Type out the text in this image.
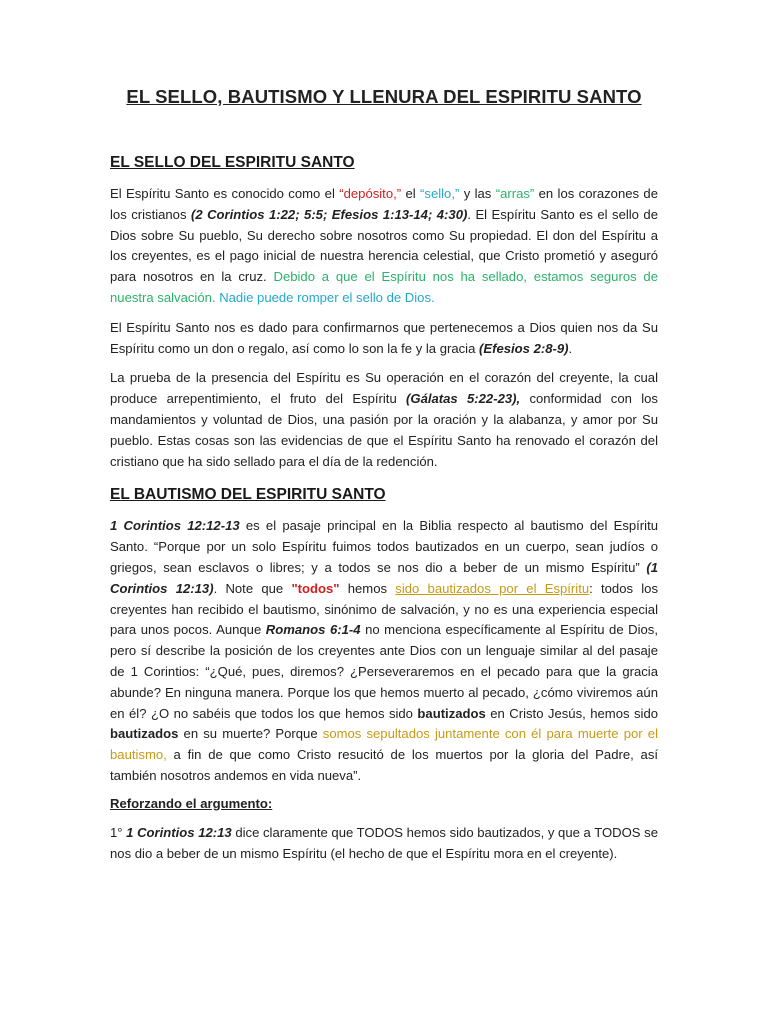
EL SELLO, BAUTISMO Y LLENURA DEL ESPIRITU SANTO
EL SELLO DEL ESPIRITU SANTO

El Espíritu Santo es conocido como el “depósito,” el “sello,” y las “arras” en los corazones de los cristianos (2 Corintios 1:22; 5:5; Efesios 1:13-14; 4:30). El Espíritu Santo es el sello de Dios sobre Su pueblo, Su derecho sobre nosotros como Su propiedad. El don del Espíritu a los creyentes, es el pago inicial de nuestra herencia celestial, que Cristo prometió y aseguró para nosotros en la cruz. Debido a que el Espíritu nos ha sellado, estamos seguros de nuestra salvación. Nadie puede romper el sello de Dios.

El Espíritu Santo nos es dado para confirmarnos que pertenecemos a Dios quien nos da Su Espíritu como un don o regalo, así como lo son la fe y la gracia (Efesios 2:8-9).

La prueba de la presencia del Espíritu es Su operación en el corazón del creyente, la cual produce arrepentimiento, el fruto del Espíritu (Gálatas 5:22-23), conformidad con los mandamientos y voluntad de Dios, una pasión por la oración y la alabanza, y amor por Su pueblo. Estas cosas son las evidencias de que el Espíritu Santo ha renovado el corazón del cristiano que ha sido sellado para el día de la redención.

EL BAUTISMO DEL ESPIRITU SANTO

1 Corintios 12:12-13 es el pasaje principal en la Biblia respecto al bautismo del Espíritu Santo. “Porque por un solo Espíritu fuimos todos bautizados en un cuerpo, sean judíos o griegos, sean esclavos o libres; y a todos se nos dio a beber de un mismo Espíritu” (1 Corintios 12:13). Note que "todos" hemos sido bautizados por el Espíritu: todos los creyentes han recibido el bautismo, sinónimo de salvación, y no es una experiencia especial para unos pocos. Aunque Romanos 6:1-4 no menciona específicamente al Espíritu de Dios, pero sí describe la posición de los creyentes ante Dios con un lenguaje similar al del pasaje de 1 Corintios: “¿Qué, pues, diremos? ¿Perseveraremos en el pecado para que la gracia abunde? En ninguna manera. Porque los que hemos muerto al pecado, ¿cómo viviremos aún en él? ¿O no sabéis que todos los que hemos sido bautizados en Cristo Jesús, hemos sido bautizados en su muerte? Porque somos sepultados juntamente con él para muerte por el bautismo, a fin de que como Cristo resucitó de los muertos por la gloria del Padre, así también nosotros andemos en vida nueva”.

Reforzando el argumento:

1° 1 Corintios 12:13 dice claramente que TODOS hemos sido bautizados, y que a TODOS se nos dio a beber de un mismo Espíritu (el hecho de que el Espíritu mora en el creyente).
